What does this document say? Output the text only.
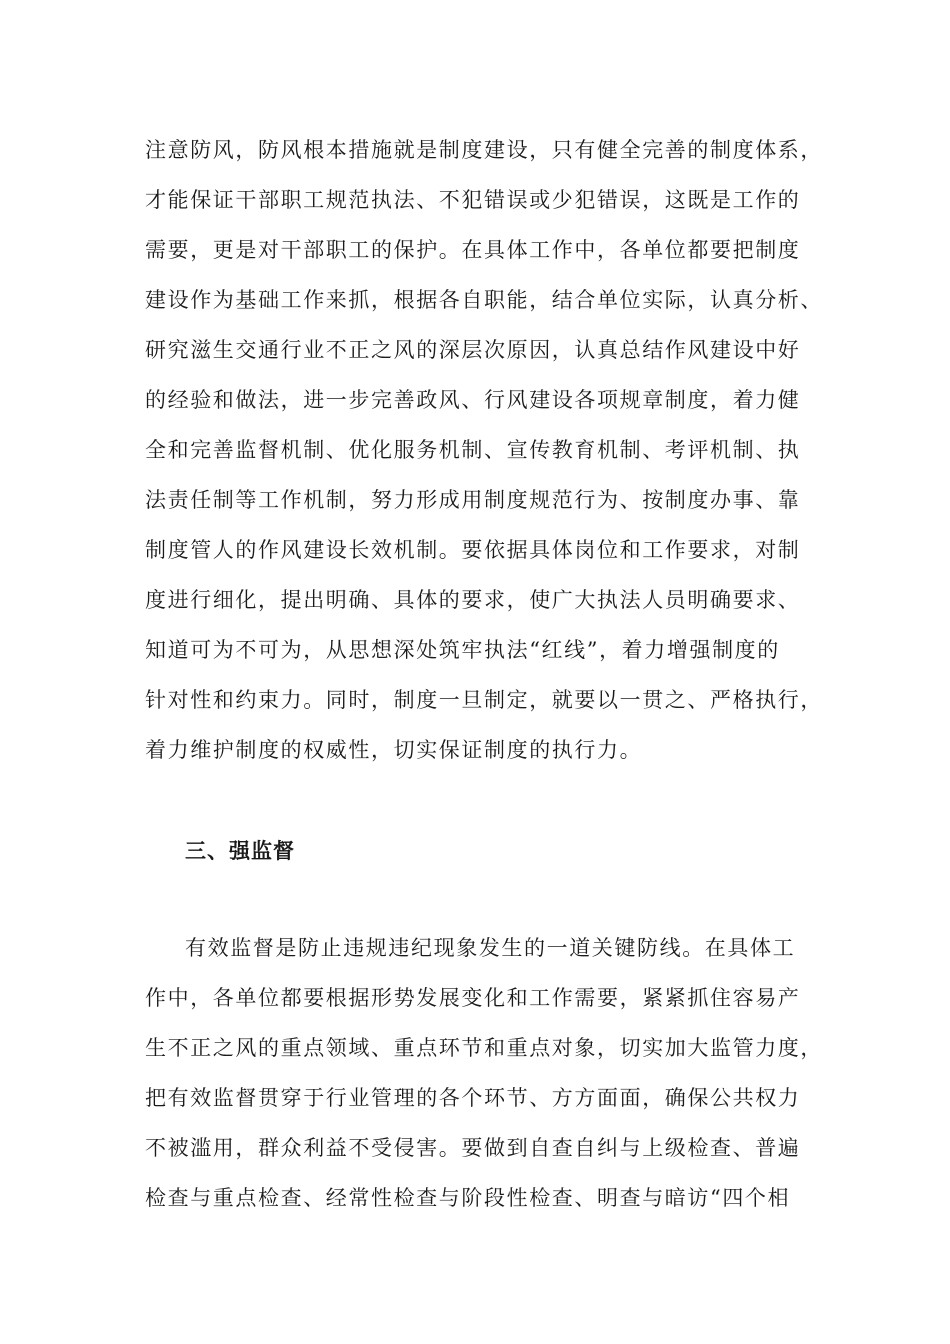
注意防风，防风根本措施就是制度建设，只有健全完善的制度体系，
才能保证干部职工规范执法、不犯错误或少犯错误，这既是工作的
需要，更是对干部职工的保护。在具体工作中，各单位都要把制度
建设作为基础工作来抓，根据各自职能，结合单位实际，认真分析、
研究滋生交通行业不正之风的深层次原因，认真总结作风建设中好
的经验和做法，进一步完善政风、行风建设各项规章制度，着力健
全和完善监督机制、优化服务机制、宣传教育机制、考评机制、执
法责任制等工作机制，努力形成用制度规范行为、按制度办事、靠
制度管人的作风建设长效机制。要依据具体岗位和工作要求，对制
度进行细化，提出明确、具体的要求，使广大执法人员明确要求、
知道可为不可为，从思想深处筑牢执法“红线”，着力增强制度的
针对性和约束力。同时，制度一旦制定，就要以一贯之、严格执行，
着力维护制度的权威性，切实保证制度的执行力。
三、强监督
有效监督是防止违规违纪现象发生的一道关键防线。在具体工
作中，各单位都要根据形势发展变化和工作需要，紧紧抓住容易产
生不正之风的重点领域、重点环节和重点对象，切实加大监管力度，
把有效监督贯穿于行业管理的各个环节、方方面面，确保公共权力
不被滥用，群众利益不受侵害。要做到自查自纠与上级检查、普遍
检查与重点检查、经常性检查与阶段性检查、明查与暗访“四个相
